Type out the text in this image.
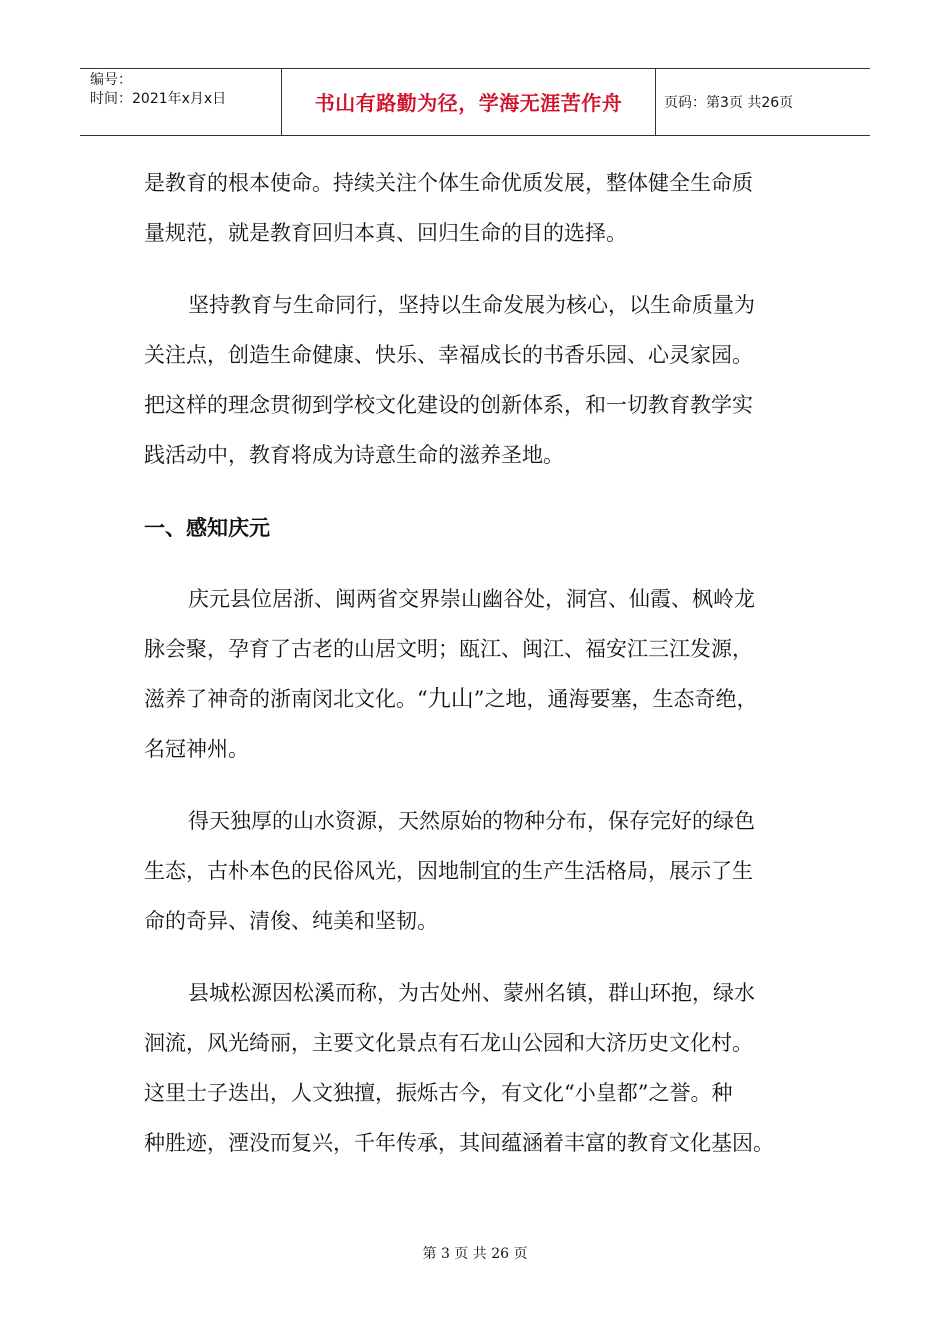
编号：
时间：2021年x月x日	书山有路勤为径，学海无涯苦作舟	页码：第3页 共26页
是教育的根本使命。持续关注个体生命优质发展，整体健全生命质
量规范，就是教育回归本真、回归生命的目的选择。
坚持教育与生命同行，坚持以生命发展为核心，以生命质量为
关注点，创造生命健康、快乐、幸福成长的书香乐园、心灵家园。
把这样的理念贯彻到学校文化建设的创新体系，和一切教育教学实
践活动中，教育将成为诗意生命的滋养圣地。
一、感知庆元
庆元县位居浙、闽两省交界崇山幽谷处，洞宫、仙霞、枫岭龙
脉会聚，孕育了古老的山居文明；瓯江、闽江、福安江三江发源，
滋养了神奇的浙南闵北文化。“九山”之地，通海要塞，生态奇绝，
名冠神州。
得天独厚的山水资源，天然原始的物种分布，保存完好的绿色
生态，古朴本色的民俗风光，因地制宜的生产生活格局，展示了生
命的奇异、清俊、纯美和坚韧。
县城松源因松溪而称，为古处州、蒙州名镇，群山环抱，绿水
洄流，风光绮丽，主要文化景点有石龙山公园和大济历史文化村。
这里士子迭出，人文独擅，振烁古今，有文化“小皇都”之誉。种
种胜迹，湮没而复兴，千年传承，其间蕴涵着丰富的教育文化基因。
第 3 页 共 26 页
